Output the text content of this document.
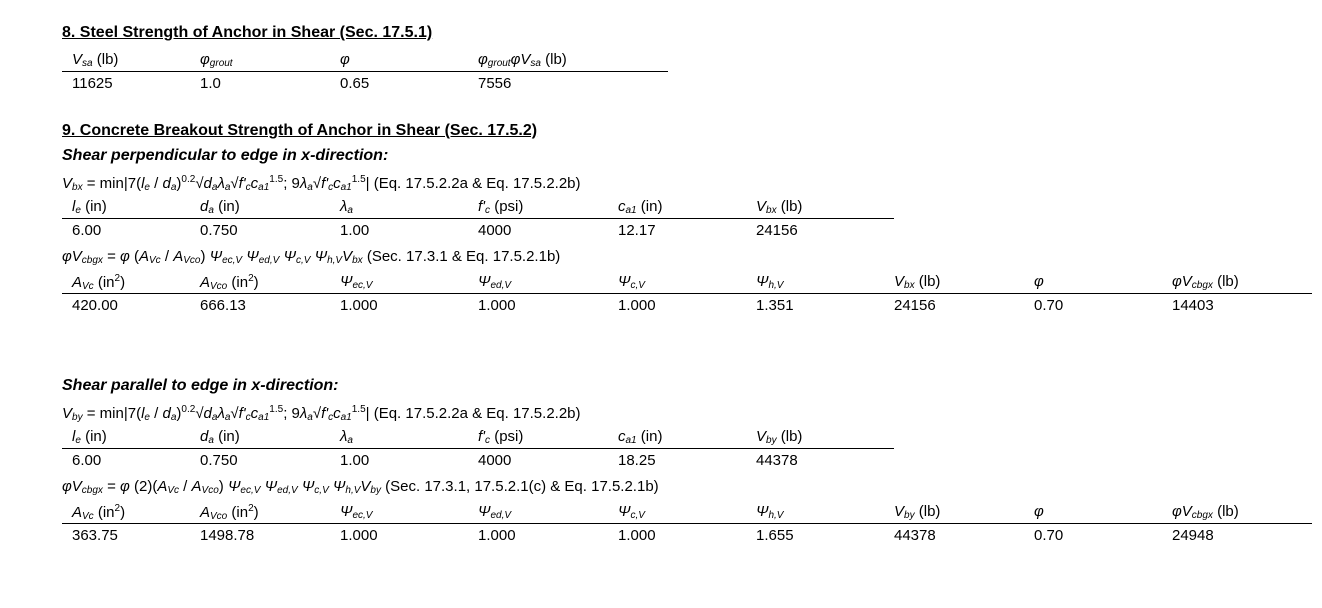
8. Steel Strength of Anchor in Shear (Sec. 17.5.1)
$V_{sa}$ (lb)	$\varphi_{grout}$	φ	$\varphi_{grout}\varphi V_{sa}$ (lb)
11625	1.0	0.65	7556
9. Concrete Breakout Strength of Anchor in Shear (Sec. 17.5.2)
Shear perpendicular to edge in x-direction:
$V_{bx} = \min|7(l_e / d_a)^{0.2}√d_a\lambda_a√f'_cc_{a1}^{1.5}$; $9\lambda_a√f'_cc_{a1}^{1.5}|$ (Eq. 17.5.2.2a & Eq. 17.5.2.2b)
$l_e$ (in)	$d_a$ (in)	$\lambda_a$	$f'_c$ (psi)	$c_{a1}$ (in)	$V_{bx}$ (lb)
6.00	0.750	1.00	4000	12.17	24156
$\varphi V_{cbgx} = \varphi$ $(A_{Vc} / A_{Vco})$ $\Psi_{ec,V}$ $\Psi_{ed,V}$ $\Psi_{c,V}$ $\Psi_{h,V}V_{bx}$ (Sec. 17.3.1 & Eq. 17.5.2.1b)
$A_{Vc}$ $(in^2)$	$A_{Vco}$ $(in^2)$	$\Psi_{ec,V}$	$\Psi_{ed,V}$	$\Psi_{c,V}$	$\Psi_{h,V}$	$V_{bx}$ (lb)	φ	$\varphi V_{cbgx}$ (lb)
420.00	666.13	1.000	1.000	1.000	1.351	24156	0.70	14403
Shear parallel to edge in x-direction:
$V_{by} = \min|7(l_e / d_a)^{0.2}√d_a\lambda_a√f'_cc_{a1}^{1.5}$; $9\lambda_a√f'_cc_{a1}^{1.5}|$ (Eq. 17.5.2.2a & Eq. 17.5.2.2b)
$l_e$ (in)	$d_a$ (in)	$\lambda_a$	$f'_c$ (psi)	$c_{a1}$ (in)	$V_{by}$ (lb)
6.00	0.750	1.00	4000	18.25	44378
$\varphi V_{cbgx} = \varphi$ $(2)(A_{Vc} / A_{Vco})$ $\Psi_{ec,V}$ $\Psi_{ed,V}$ $\Psi_{c,V}$ $\Psi_{h,V}V_{by}$ (Sec. 17.3.1, 17.5.2.1(c) & Eq. 17.5.2.1b)
$A_{Vc}$ $(in^2)$	$A_{Vco}$ $(in^2)$	$\Psi_{ec,V}$	$\Psi_{ed,V}$	$\Psi_{c,V}$	$\Psi_{h,V}$	$V_{by}$ (lb)	φ	$\varphi V_{cbgx}$ (lb)
363.75	1498.78	1.000	1.000	1.000	1.655	44378	0.70	24948
